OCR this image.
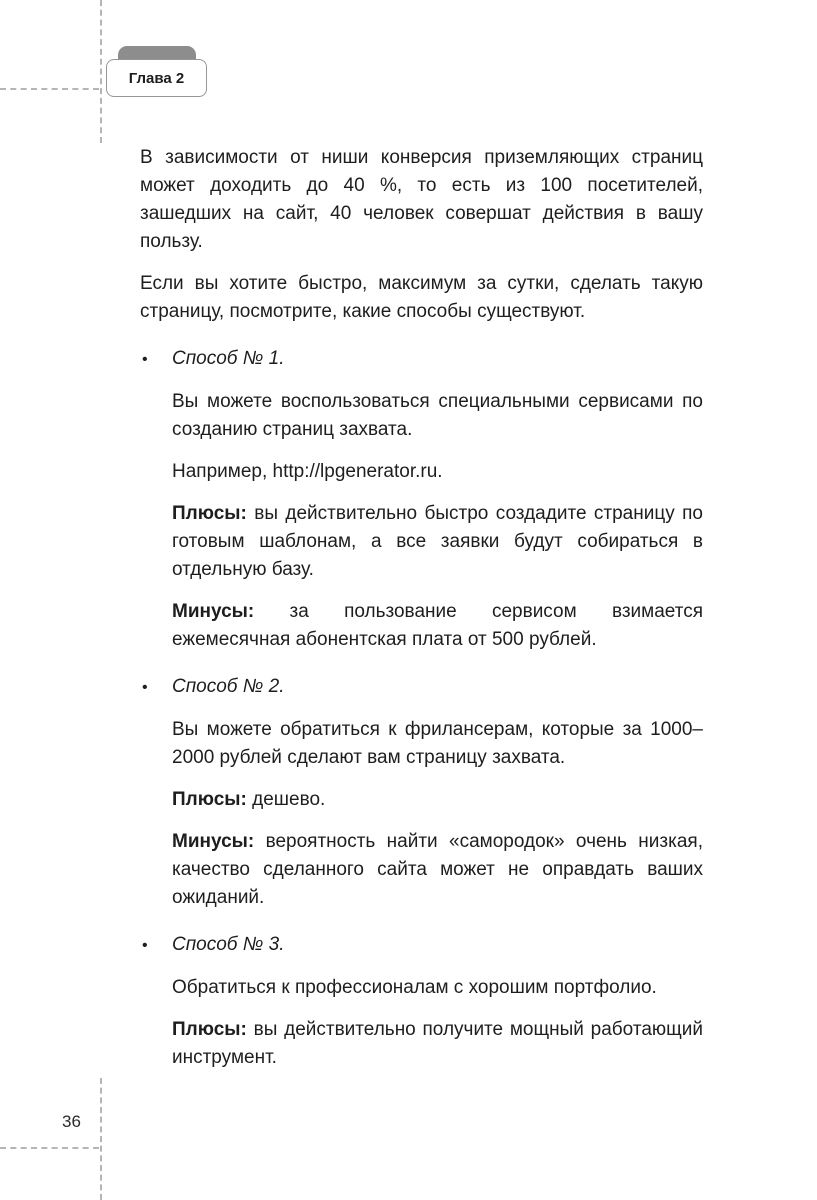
Глава 2

В зависимости от ниши конверсия приземляющих страниц может доходить до 40 %, то есть из 100 посетителей, зашедших на сайт, 40 человек совершат действия в вашу пользу.

Если вы хотите быстро, максимум за сутки, сделать такую страницу, посмотрите, какие способы существуют.

•	Способ № 1.

Вы можете воспользоваться специальными сервисами по созданию страниц захвата.

Например, http://lpgenerator.ru.

Плюсы: вы действительно быстро создадите страницу по готовым шаблонам, а все заявки будут собираться в отдельную базу.

Минусы: за пользование сервисом взимается ежемесячная абонентская плата от 500 рублей.

•	Способ № 2.

Вы можете обратиться к фрилансерам, которые за 1000–2000 рублей сделают вам страницу захвата.

Плюсы: дешево.

Минусы: вероятность найти «самородок» очень низкая, качество сделанного сайта может не оправдать ваших ожиданий.

•	Способ № 3.

Обратиться к профессионалам с хорошим портфолио.

Плюсы: вы действительно получите мощный работающий инструмент.

36
